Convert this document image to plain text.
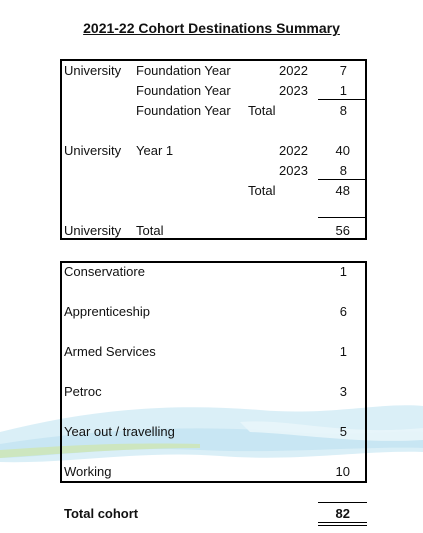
2021-22 Cohort Destinations Summary
University Foundation Year	2022	7
Foundation Year	2023	1
Foundation Year Total	8
University Year 1	2022	40
2023	8
Total	48
University Total	56
Conservatiore	1
Apprenticeship	6
Armed Services	1
Petroc	3
Year out / travelling	5
Working	10
Total cohort	82
